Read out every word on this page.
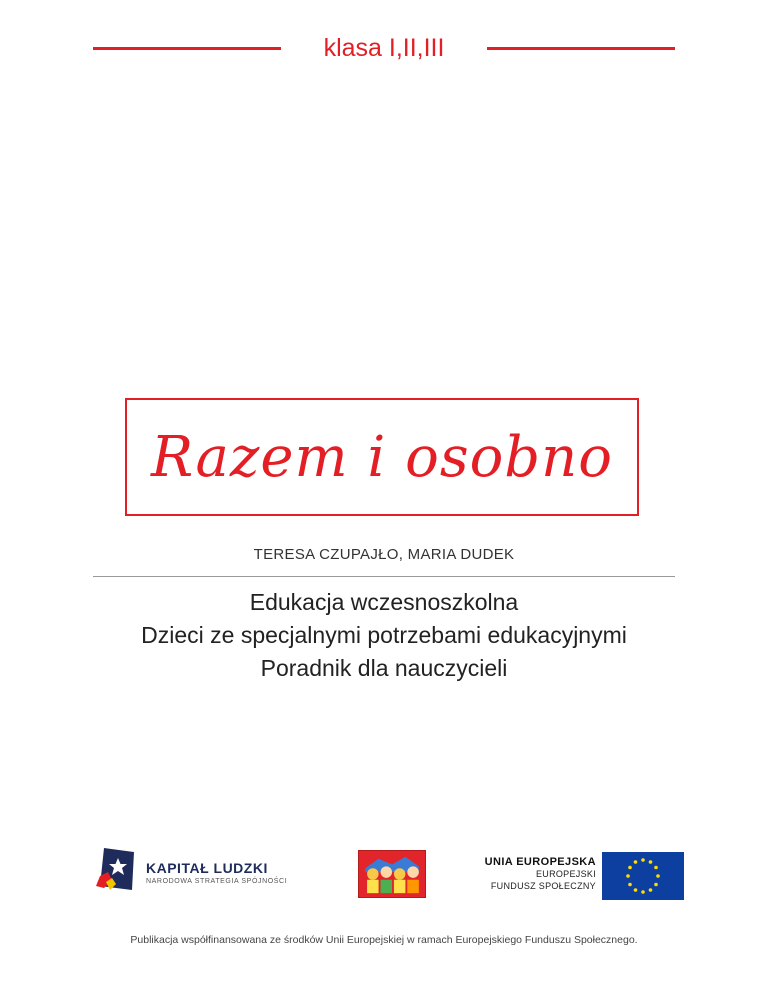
klasa I,II,III
Razem i osobno
TERESA CZUPAJŁO, MARIA DUDEK
Edukacja wczesnoszkolna
Dzieci ze specjalnymi potrzebami edukacyjnymi
Poradnik dla nauczycieli
KAPITAŁ LUDZKI
NARODOWA STRATEGIA SPÓJNOŚCI
UNIA EUROPEJSKA
EUROPEJSKI
FUNDUSZ SPOŁECZNY
Publikacja współfinansowana ze środków Unii Europejskiej w ramach Europejskiego Funduszu Społecznego.
